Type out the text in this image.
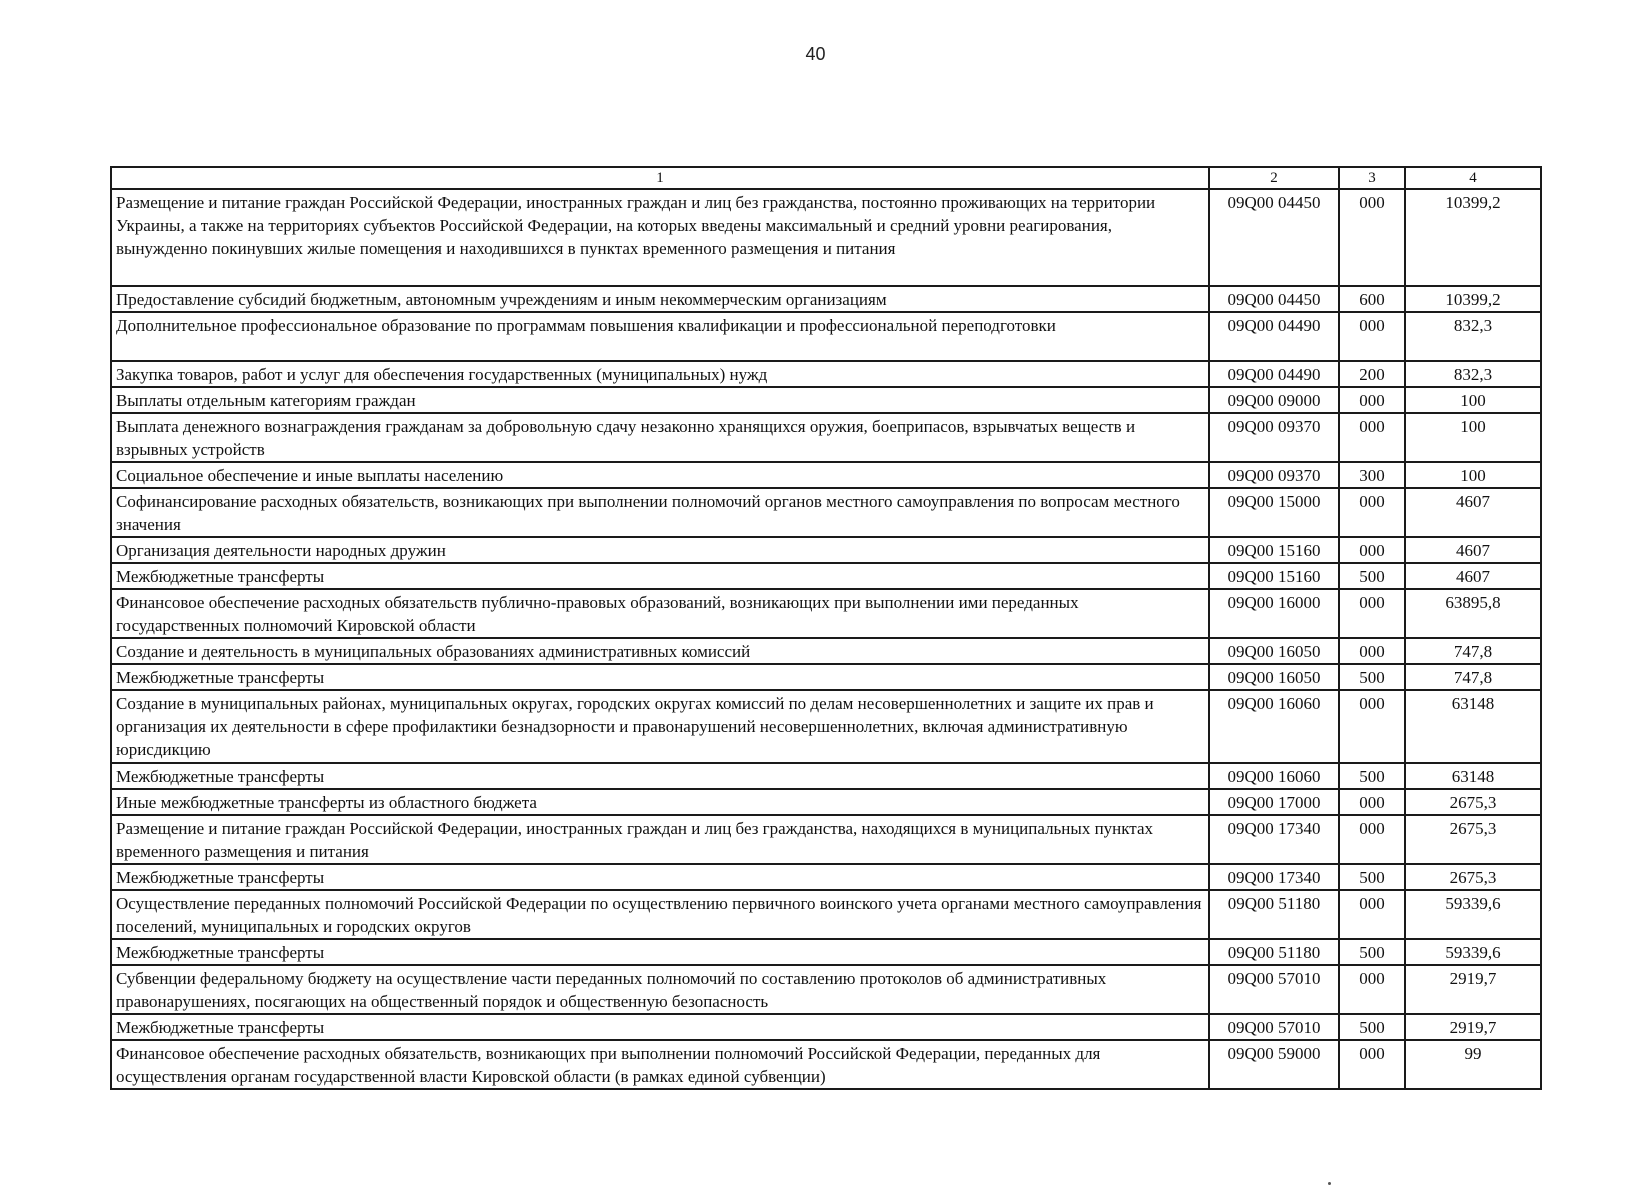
40
1	2	3	4
Размещение и питание граждан Российской Федерации, иностранных граждан и лиц без гражданства, постоянно проживающих на территории Украины, а также на территориях субъектов Российской Федерации, на которых введены максимальный и средний уровни реагирования, вынужденно покинувших жилые помещения и находившихся в пунктах временного размещения и питания	09Q00 04450	000	10399,2
Предоставление субсидий бюджетным, автономным учреждениям и иным некоммерческим организациям	09Q00 04450	600	10399,2
Дополнительное профессиональное образование по программам повышения квалификации и профессиональной переподготовки	09Q00 04490	000	832,3
Закупка товаров, работ и услуг для обеспечения государственных (муниципальных) нужд	09Q00 04490	200	832,3
Выплаты отдельным категориям граждан	09Q00 09000	000	100
Выплата денежного вознаграждения гражданам за добровольную сдачу незаконно хранящихся оружия, боеприпасов, взрывчатых веществ и взрывных устройств	09Q00 09370	000	100
Социальное обеспечение и иные выплаты населению	09Q00 09370	300	100
Софинансирование расходных обязательств, возникающих при выполнении полномочий органов местного самоуправления по вопросам местного значения	09Q00 15000	000	4607
Организация деятельности народных дружин	09Q00 15160	000	4607
Межбюджетные трансферты	09Q00 15160	500	4607
Финансовое обеспечение расходных обязательств публично-правовых образований, возникающих при выполнении ими переданных государственных полномочий Кировской области	09Q00 16000	000	63895,8
Создание и деятельность в муниципальных образованиях административных комиссий	09Q00 16050	000	747,8
Межбюджетные трансферты	09Q00 16050	500	747,8
Создание в муниципальных районах, муниципальных округах, городских округах комиссий по делам несовершеннолетних и защите их прав и организация их деятельности в сфере профилактики безнадзорности и правонарушений несовершеннолетних, включая административную юрисдикцию	09Q00 16060	000	63148
Межбюджетные трансферты	09Q00 16060	500	63148
Иные межбюджетные трансферты из областного бюджета	09Q00 17000	000	2675,3
Размещение и питание граждан Российской Федерации, иностранных граждан и лиц без гражданства, находящихся в муниципальных пунктах временного размещения и питания	09Q00 17340	000	2675,3
Межбюджетные трансферты	09Q00 17340	500	2675,3
Осуществление переданных полномочий Российской Федерации по осуществлению первичного воинского учета органами местного самоуправления поселений, муниципальных и городских округов	09Q00 51180	000	59339,6
Межбюджетные трансферты	09Q00 51180	500	59339,6
Субвенции федеральному бюджету на осуществление части переданных полномочий по составлению протоколов об административных правонарушениях, посягающих на общественный порядок и общественную безопасность	09Q00 57010	000	2919,7
Межбюджетные трансферты	09Q00 57010	500	2919,7
Финансовое обеспечение расходных обязательств, возникающих при выполнении полномочий Российской Федерации, переданных для осуществления органам государственной власти Кировской области (в рамках единой субвенции)	09Q00 59000	000	99
